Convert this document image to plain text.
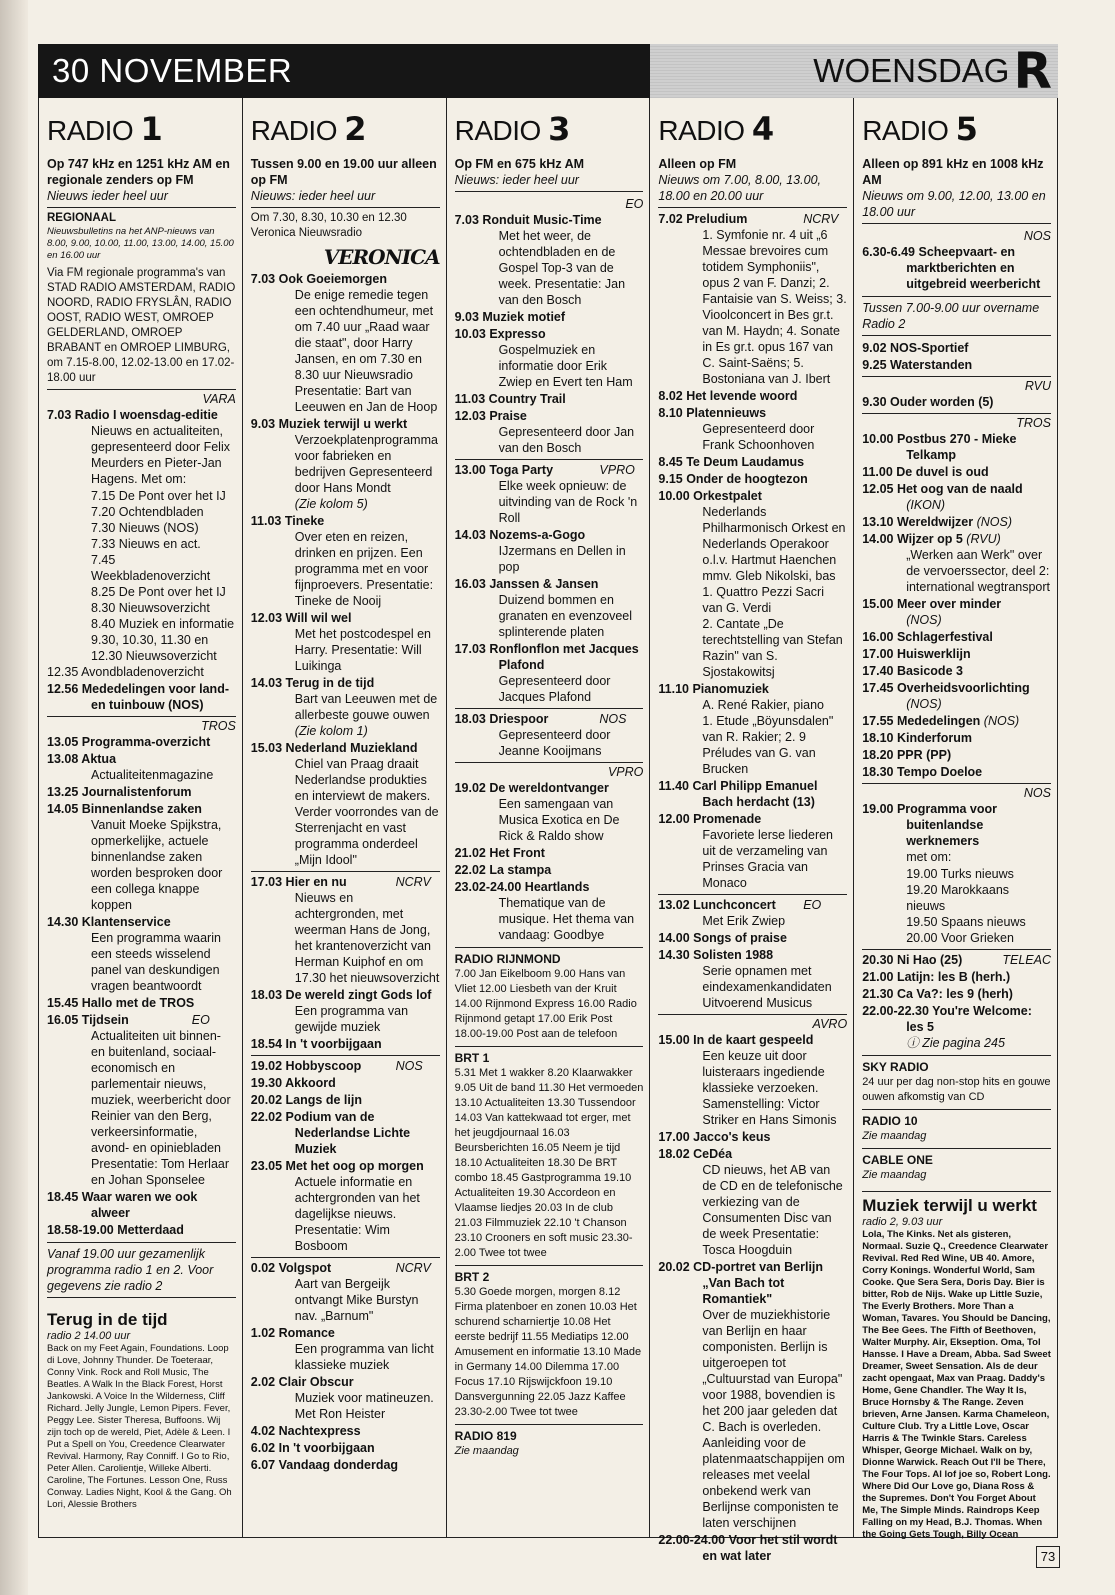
30 NOVEMBER	WOENSDAG R
RADIO 1
Op 747 kHz en 1251 kHz AM en regionale zenders op FM
Nieuws ieder heel uur
REGIONAAL
Nieuwsbulletins na het ANP-nieuws van 8.00, 9.00, 10.00, 11.00, 13.00, 14.00, 15.00 en 16.00 uur
Via FM regionale programma's van STAD RADIO AMSTERDAM, RADIO NOORD, RADIO FRYSLÂN, RADIO OOST, RADIO WEST, OMROEP GELDERLAND, OMROEP BRABANT en OMROEP LIMBURG, om 7.15-8.00, 12.02-13.00 en 17.02-18.00 uur
VARA
7.03 Radio I woensdag-editie
Nieuws en actualiteiten, gepresenteerd door Felix Meurders en Pieter-Jan Hagens. Met om:
7.15 De Pont over het IJ
7.20 Ochtendbladen
7.30 Nieuws (NOS)
7.33 Nieuws en act.
7.45 Weekbladenoverzicht
8.25 De Pont over het IJ
8.30 Nieuwsoverzicht
8.40 Muziek en informatie
9.30, 10.30, 11.30 en 12.30 Nieuwsoverzicht
12.35 Avondbladenoverzicht
12.56 Mededelingen voor land- en tuinbouw (NOS)
TROS
13.05 Programma-overzicht
13.08 Aktua
Actualiteitenmagazine
13.25 Journalistenforum
14.05 Binnenlandse zaken
Vanuit Moeke Spijkstra, opmerkelijke, actuele binnenlandse zaken worden besproken door een collega knappe koppen
14.30 Klantenservice
Een programma waarin een steeds wisselend panel van deskundigen vragen beantwoordt
15.45 Hallo met de TROS
EO
16.05 Tijdsein
Actualiteiten uit binnen- en buitenland, sociaal-economisch en parlementair nieuws, muziek, weerbericht door Reinier van den Berg, verkeersinformatie, avond- en opiniebladen Presentatie: Tom Herlaar en Johan Sponselee
18.45 Waar waren we ook alweer
18.58-19.00 Metterdaad
Vanaf 19.00 uur gezamenlijk programma radio 1 en 2. Voor gegevens zie radio 2
Terug in de tijd
radio 2 14.00 uur
Back on my Feet Again, Foundations. Loop di Love, Johnny Thunder. De Toeteraar, Conny Vink. Rock and Roll Music, The Beatles. A Walk In the Black Forest, Horst Jankowski. A Voice In the Wilderness, Cliff Richard. Jelly Jungle, Lemon Pipers. Fever, Peggy Lee. Sister Theresa, Buffoons. Wij zijn toch op de wereld, Piet, Adèle & Leen. I Put a Spell on You, Creedence Clearwater Revival. Harmony, Ray Conniff. I Go to Rio, Peter Allen. Carolientje, Willeke Alberti. Caroline, The Fortunes. Lesson One, Russ Conway. Ladies Night, Kool & the Gang. Oh Lori, Alessie Brothers
RADIO 2
Tussen 9.00 en 19.00 uur alleen op FM
Nieuws: ieder heel uur
Om 7.30, 8.30, 10.30 en 12.30 Veronica Nieuwsradio
VERONICA
7.03 Ook Goeiemorgen
De enige remedie tegen een ochtendhumeur, met om 7.40 uur „Raad waar die staat", door Harry Jansen, en om 7.30 en 8.30 uur Nieuwsradio Presentatie: Bart van Leeuwen en Jan de Hoop
9.03 Muziek terwijl u werkt
Verzoekplatenprogramma voor fabrieken en bedrijven Gepresenteerd door Hans Mondt
(Zie kolom 5)
11.03 Tineke
Over eten en reizen, drinken en prijzen. Een programma met en voor fijnproevers. Presentatie: Tineke de Nooij
12.03 Will wil wel
Met het postcodespel en Harry. Presentatie: Will Luikinga
14.03 Terug in de tijd
Bart van Leeuwen met de allerbeste gouwe ouwen
(Zie kolom 1)
15.03 Nederland Muziekland
Chiel van Praag draait Nederlandse produkties en interviewt de makers. Verder voorrondes van de Sterrenjacht en vast programma onderdeel „Mijn Idool"
NCRV
17.03 Hier en nu
Nieuws en achtergronden, met weerman Hans de Jong, het krantenoverzicht van Herman Kuiphof en om 17.30 het nieuwsoverzicht
18.03 De wereld zingt Gods lof
Een programma van gewijde muziek
18.54 In 't voorbijgaan
NOS
19.02 Hobbyscoop
19.30 Akkoord
20.02 Langs de lijn
22.02 Podium van de Nederlandse Lichte Muziek
23.05 Met het oog op morgen
Actuele informatie en achtergronden van het dagelijkse nieuws. Presentatie: Wim Bosboom
NCRV
0.02 Volgspot
Aart van Bergeijk ontvangt Mike Burstyn nav. „Barnum"
1.02 Romance
Een programma van licht klassieke muziek
2.02 Clair Obscur
Muziek voor matineuzen. Met Ron Heister
4.02 Nachtexpress
6.02 In 't voorbijgaan
6.07 Vandaag donderdag
RADIO 3
Op FM en 675 kHz AM
Nieuws: ieder heel uur
EO
7.03 Ronduit Music-Time
Met het weer, de ochtendbladen en de Gospel Top-3 van de week. Presentatie: Jan van den Bosch
9.03 Muziek motief
10.03 Expresso
Gospelmuziek en informatie door Erik Zwiep en Evert ten Ham
11.03 Country Trail
12.03 Praise
Gepresenteerd door Jan van den Bosch
VPRO
13.00 Toga Party
Elke week opnieuw: de uitvinding van de Rock 'n Roll
14.03 Nozems-a-Gogo
IJzermans en Dellen in pop
16.03 Janssen & Jansen
Duizend bommen en granaten en evenzoveel splinterende platen
17.03 Ronflonflon met Jacques Plafond
Gepresenteerd door Jacques Plafond
NOS
18.03 Driespoor
Gepresenteerd door Jeanne Kooijmans
VPRO
19.02 De wereldontvanger
Een samengaan van Musica Exotica en De Rick & Raldo show
21.02 Het Front
22.02 La stampa
23.02-24.00 Heartlands
Thematique van de musique. Het thema van vandaag: Goodbye
RADIO RIJNMOND
7.00 Jan Eikelboom 9.00 Hans van Vliet 12.00 Liesbeth van der Kruit 14.00 Rijnmond Express 16.00 Radio Rijnmond getapt 17.00 Erik Post 18.00-19.00 Post aan de telefoon
BRT 1
5.31 Met 1 wakker 8.20 Klaarwakker 9.05 Uit de band 11.30 Het vermoeden 13.10 Actualiteiten 13.30 Tussendoor 14.03 Van kattekwaad tot erger, met het jeugdjournaal 16.03 Beursberichten 16.05 Neem je tijd 18.10 Actualiteiten 18.30 De BRT combo 18.45 Gastprogramma 19.10 Actualiteiten 19.30 Accordeon en Vlaamse liedjes 20.03 In de club 21.03 Filmmuziek 22.10 't Chanson 23.10 Crooners en soft music 23.30-2.00 Twee tot twee
BRT 2
5.30 Goede morgen, morgen 8.12 Firma platenboer en zonen 10.03 Het schurend scharniertje 10.08 Het eerste bedrijf 11.55 Mediatips 12.00 Amusement en informatie 13.10 Made in Germany 14.00 Dilemma 17.00 Focus 17.10 Rijswijckfoon 19.10 Dansvergunning 22.05 Jazz Kaffee 23.30-2.00 Twee tot twee
RADIO 819
Zie maandag
RADIO 4
Alleen op FM
Nieuws om 7.00, 8.00, 13.00, 18.00 en 20.00 uur
NCRV
7.02 Preludium
1. Symfonie nr. 4 uit „6 Messae brevoires cum totidem Symphoniis", opus 2 van F. Danzi; 2. Fantaisie van S. Weiss; 3. Vioolconcert in Bes gr.t. van M. Haydn; 4. Sonate in Es gr.t. opus 167 van C. Saint-Saëns; 5. Bostoniana van J. Ibert
8.02 Het levende woord
8.10 Platennieuws
Gepresenteerd door Frank Schoonhoven
8.45 Te Deum Laudamus
9.15 Onder de hoogtezon
10.00 Orkestpalet
Nederlands Philharmonisch Orkest en Nederlands Operakoor o.l.v. Hartmut Haenchen mmv. Gleb Nikolski, bas
1. Quattro Pezzi Sacri van G. Verdi
2. Cantate „De terechtstelling van Stefan Razin" van S. Sjostakowitsj
11.10 Pianomuziek
A. René Rakier, piano
1. Etude „Böyunsdalen" van R. Rakier; 2. 9 Préludes van G. van Brucken
11.40 Carl Philipp Emanuel Bach herdacht (13)
12.00 Promenade
Favoriete lerse liederen uit de verzameling van Prinses Gracia van Monaco
EO
13.02 Lunchconcert
Met Erik Zwiep
14.00 Songs of praise
14.30 Solisten 1988
Serie opnamen met eindexamenkandidaten Uitvoerend Musicus
AVRO
15.00 In de kaart gespeeld
Een keuze uit door luisteraars ingediende klassieke verzoeken. Samenstelling: Victor Striker en Hans Simonis
17.00 Jacco's keus
18.02 CeDéa
CD nieuws, het AB van de CD en de telefonische verkiezing van de Consumenten Disc van de week Presentatie: Tosca Hoogduin
20.02 CD-portret van Berlijn „Van Bach tot Romantiek"
Over de muziekhistorie van Berlijn en haar componisten. Berlijn is uitgeroepen tot „Cultuurstad van Europa" voor 1988, bovendien is het 200 jaar geleden dat C. Bach is overleden. Aanleiding voor de platenmaatschappijen om releases met veelal onbekend werk van Berlijnse componisten te laten verschijnen
22.00-24.00 Voor het stil wordt en wat later
RADIO 5
Alleen op 891 kHz en 1008 kHz AM
Nieuws om 9.00, 12.00, 13.00 en 18.00 uur
NOS
6.30-6.49 Scheepvaart- en marktberichten en uitgebreid weerbericht
Tussen 7.00-9.00 uur overname Radio 2
9.02 NOS-Sportief
9.25 Waterstanden
RVU
9.30 Ouder worden (5)
TROS
10.00 Postbus 270 - Mieke Telkamp
11.00 De duvel is oud
12.05 Het oog van de naald
(IKON)
13.10 Wereldwijzer (NOS)
14.00 Wijzer op 5 (RVU)
„Werken aan Werk" over de vervoerssector, deel 2: international wegtransport
15.00 Meer over minder
(NOS)
16.00 Schlagerfestival
17.00 Huiswerklijn
17.40 Basicode 3
17.45 Overheidsvoorlichting
(NOS)
17.55 Mededelingen (NOS)
18.10 Kinderforum
18.20 PPR (PP)
18.30 Tempo Doeloe
NOS
19.00 Programma voor buitenlandse werknemers
met om:
19.00 Turks nieuws
19.20 Marokkaans nieuws
19.50 Spaans nieuws
20.00 Voor Grieken
TELEAC
20.30 Ni Hao (25)
21.00 Latijn: les B (herh.)
21.30 Ca Va?: les 9 (herh)
22.00-22.30 You're Welcome: les 5
ⓘ Zie pagina 245
SKY RADIO
24 uur per dag non-stop hits en gouwe ouwen afkomstig van CD
RADIO 10
Zie maandag
CABLE ONE
Zie maandag
Muziek terwijl u werkt
radio 2, 9.03 uur
Lola, The Kinks. Net als gisteren, Normaal. Suzie Q., Creedence Clearwater Revival. Red Red Wine, UB 40. Amore, Corry Konings. Wonderful World, Sam Cooke. Que Sera Sera, Doris Day. Bier is bitter, Rob de Nijs. Wake up Little Suzie, The Everly Brothers. More Than a Woman, Tavares. You Should be Dancing, The Bee Gees. The Fifth of Beethoven, Walter Murphy. Air, Ekseption. Oma, Tol Hansse. I Have a Dream, Abba. Sad Sweet Dreamer, Sweet Sensation. Als de deur zacht opengaat, Max van Praag. Daddy's Home, Gene Chandler. The Way It Is, Bruce Hornsby & The Range. Zeven brieven, Arne Jansen. Karma Chameleon, Culture Club. Try a Little Love, Oscar Harris & The Twinkle Stars. Careless Whisper, George Michael. Walk on by, Dionne Warwick. Reach Out I'll be There, The Four Tops. Al lof joe so, Robert Long. Where Did Our Love go, Diana Ross & the Supremes. Don't You Forget About Me, The Simple Minds. Raindrops Keep Falling on my Head, B.J. Thomas. When the Going Gets Tough, Billy Ocean
73
